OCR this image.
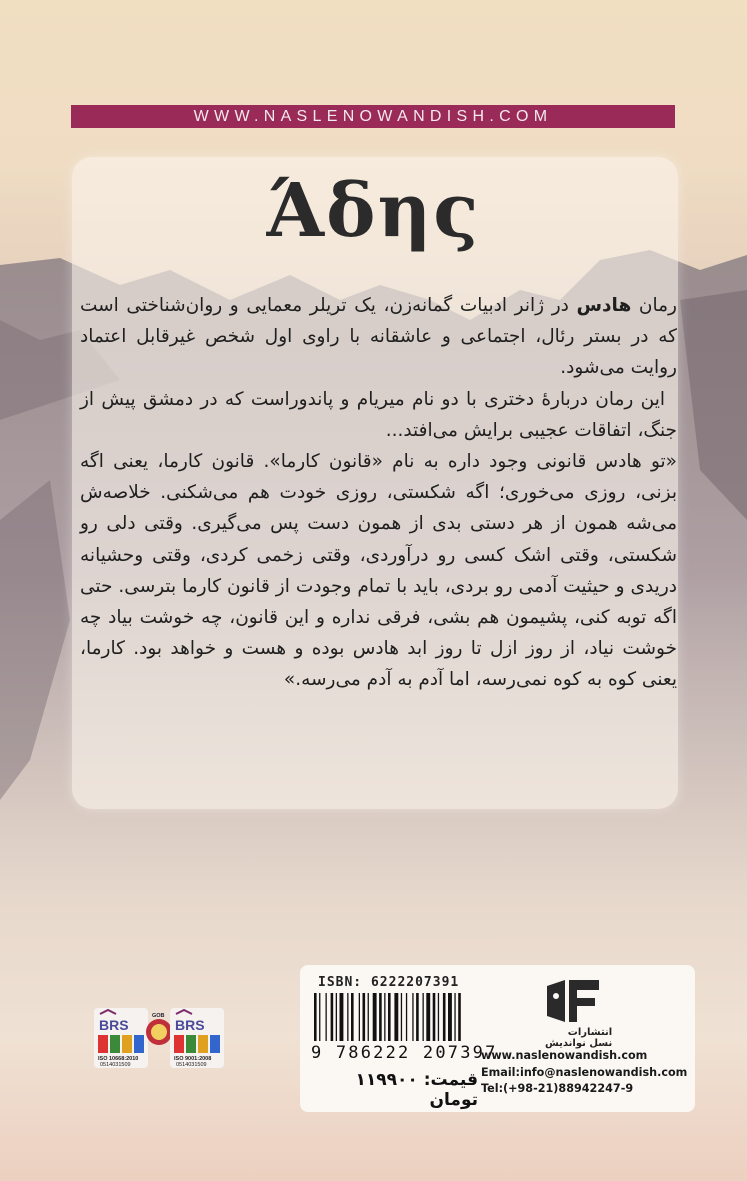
WWW.NASLENOWANDISH.COM
Άδης

رمان هادس در ژانر ادبیات گمانه‌زن، یک تریلر معمایی و روان‌شناختی است که در بستر رئال، اجتماعی و عاشقانه با راوی اول شخص غیرقابل اعتماد روایت می‌شود.

این رمان دربارهٔ دختری با دو نام میریام و پاندوراست که در دمشق پیش از جنگ، اتفاقات عجیبی برایش می‌افتد...

«تو هادس قانونی وجود داره به نام «قانون کارما». قانون کارما، یعنی اگه بزنی، روزی می‌خوری؛ اگه شکستی، روزی خودت هم می‌شکنی. خلاصه‌ش می‌شه همون از هر دستی بدی از همون دست پس می‌گیری. وقتی دلی رو شکستی، وقتی اشک کسی رو درآوردی، وقتی زخمی کردی، وقتی وحشیانه دریدی و حیثیت آدمی رو بردی، باید با تمام وجودت از قانون کارما بترسی. حتی اگه توبه کنی، پشیمون هم بشی، فرقی نداره و این قانون، چه خوشت بیاد چه خوشت نیاد، از روز ازل تا روز ابد هادس بوده و هست و خواهد بود. کارما، یعنی کوه به کوه نمی‌رسه، اما آدم به آدم می‌رسه.»

BRS
ISO 10668:2010
0514031509
GOB
BRS
ISO 9001:2008
0514031509
ISBN: 6222207391
9 786222 207397
قیمت: ۱۱۹۹۰۰ تومان
انتشارات
نسل نواندیش
www.naslenowandish.com
Email:info@naslenowandish.com
Tel:(+98-21)88942247-9
